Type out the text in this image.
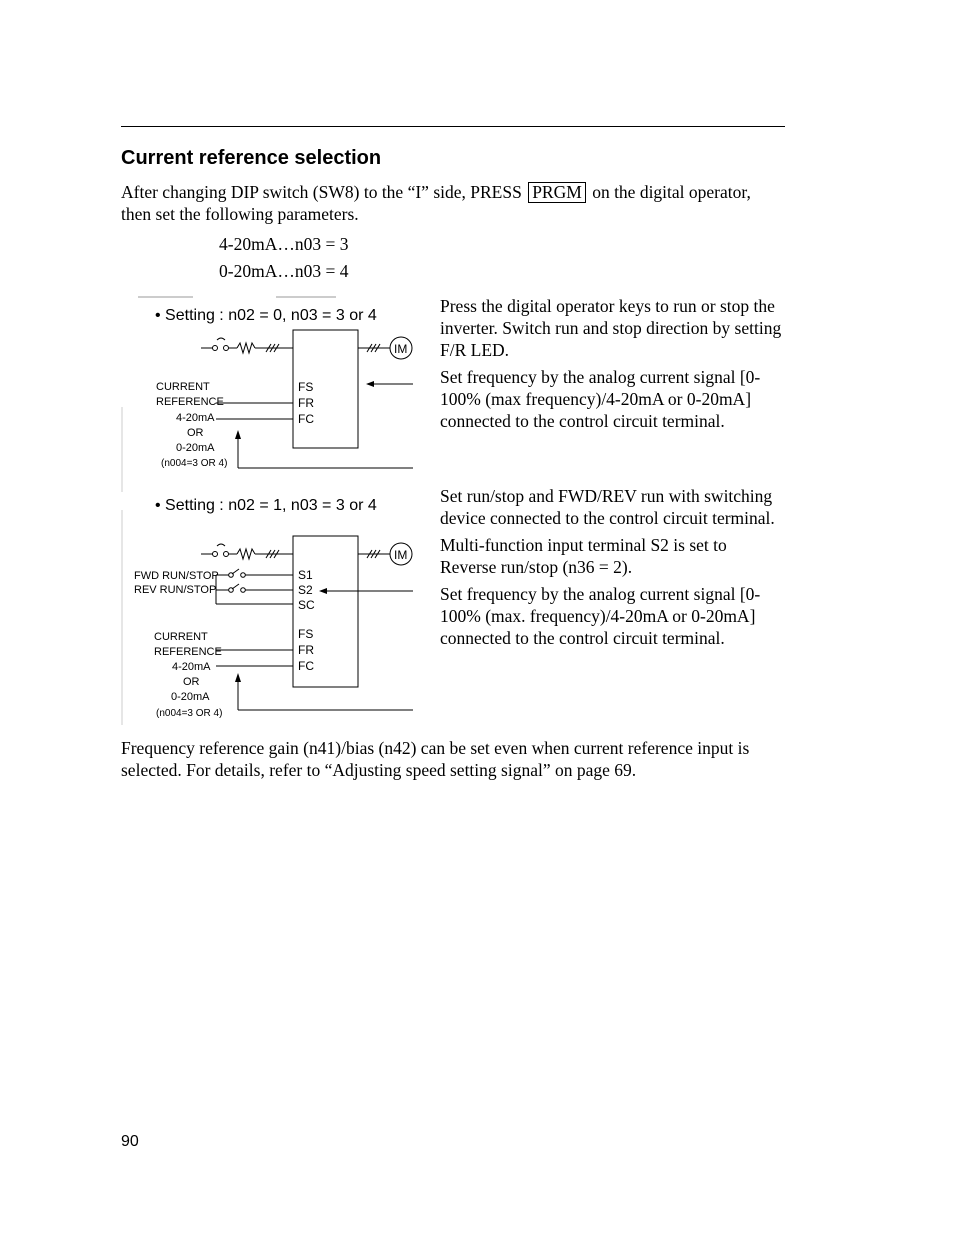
Current reference selection

After changing DIP switch (SW8) to the “I” side, PRESS PRGM on the digital operator, then set the following parameters.

4-20mA…n03 = 3

0-20mA…n03 = 4

• Setting : n02 = 0, n03 = 3 or 4
IM
FS
FR
FC
CURRENT
REFERENCE
4-20mA
OR
0-20mA
(n004=3 OR 4)

Press the digital operator keys to run or stop the inverter. Switch run and stop direction by setting F/R LED.

Set frequency by the analog current signal [0-100% (max frequency)/4-20mA or 0-20mA] connected to the control circuit terminal.

• Setting : n02 = 1, n03 = 3 or 4
IM
FWD RUN/STOP
REV RUN/STOP
S1
S2
SC
FS
FR
FC
CURRENT
REFERENCE
4-20mA
OR
0-20mA
(n004=3 OR 4)

Set run/stop and FWD/REV run with switching device connected to the control circuit terminal.

Multi-function input terminal S2 is set to Reverse run/stop (n36 = 2).

Set frequency by the analog current signal [0-100% (max. frequency)/4-20mA or 0-20mA] connected to the control circuit terminal.

Frequency reference gain (n41)/bias (n42) can be set even when current reference input is selected. For details, refer to “Adjusting speed setting signal” on page 69.

90
